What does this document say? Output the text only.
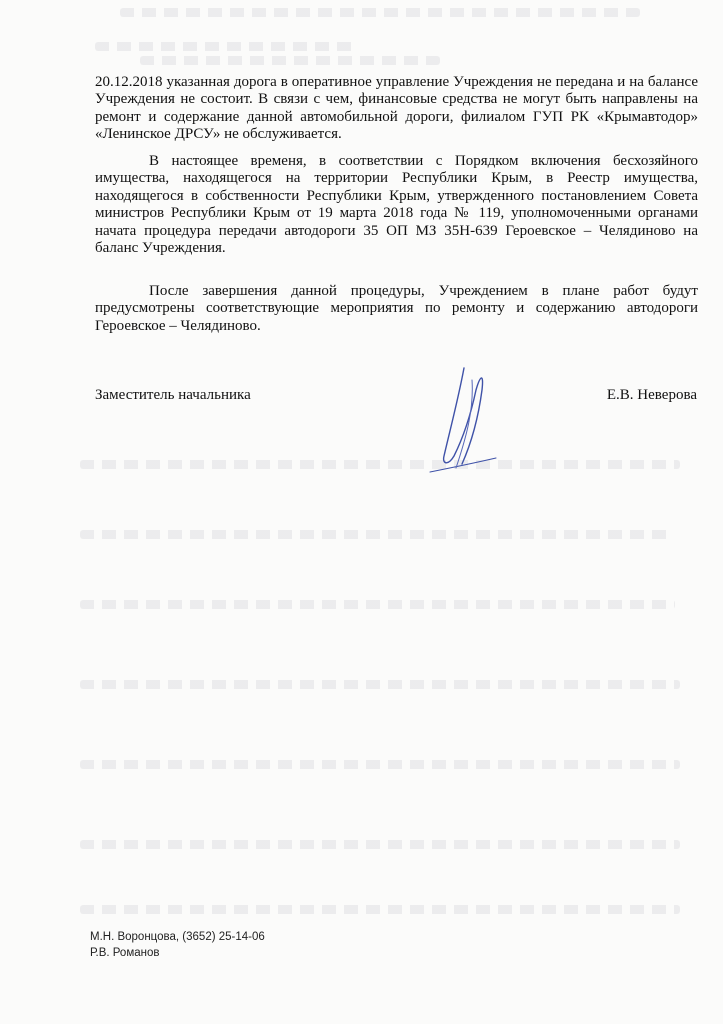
20.12.2018 указанная дорога в оперативное управление Учреждения не передана и на балансе Учреждения не состоит. В связи с чем, финансовые средства не могут быть направлены на ремонт и содержание данной автомобильной дороги, филиалом ГУП РК «Крымавтодор» «Ленинское ДРСУ» не обслуживается.

В настоящее временя, в соответствии с Порядком включения бесхозяйного имущества, находящегося на территории Республики Крым, в Реестр имущества, находящегося в собственности Республики Крым, утвержденного постановлением Совета министров Республики Крым от 19 марта 2018 года № 119, уполномоченными органами начата процедура передачи автодороги 35 ОП МЗ 35Н-639 Героевское – Челядиново на баланс Учреждения.

После завершения данной процедуры, Учреждением в плане работ будут предусмотрены соответствующие мероприятия по ремонту и содержанию автодороги Героевское – Челядиново.

Заместитель начальника	Е.В. Неверова
М.Н. Воронцова, (3652) 25-14-06
Р.В. Романов
